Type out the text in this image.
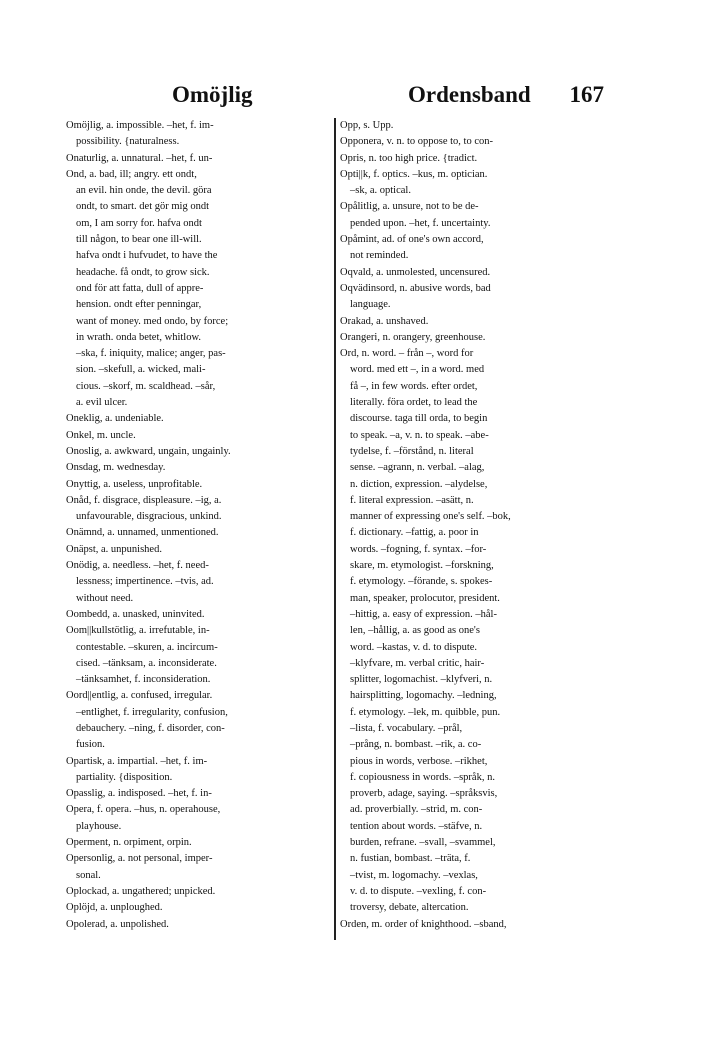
Omöjlig	Ordensband 167
Omöjlig, a. impossible. –het, f. im-
possibility. {naturalness.
Onaturlig, a. unnatural. –het, f. un-
Ond, a. bad, ill; angry. ett ondt,
an evil. hin onde, the devil. göra
ondt, to smart. det gör mig ondt
om, I am sorry for. hafva ondt
till någon, to bear one ill-will.
hafva ondt i hufvudet, to have the
headache. få ondt, to grow sick.
ond för att fatta, dull of appre-
hension. ondt efter penningar,
want of money. med ondo, by force;
in wrath. onda betet, whitlow.
–ska, f. iniquity, malice; anger, pas-
sion. –skefull, a. wicked, mali-
cious. –skorf, m. scaldhead. –sår,
a. evil ulcer.
Oneklig, a. undeniable.
Onkel, m. uncle.
Onoslig, a. awkward, ungain, ungainly.
Onsdag, m. wednesday.
Onyttig, a. useless, unprofitable.
Onåd, f. disgrace, displeasure. –ig, a.
unfavourable, disgracious, unkind.
Onämnd, a. unnamed, unmentioned.
Onäpst, a. unpunished.
Onödig, a. needless. –het, f. need-
lessness; impertinence. –tvis, ad.
without need.
Oombedd, a. unasked, uninvited.
Oom||kullstötlig, a. irrefutable, in-
contestable. –skuren, a. incircum-
cised. –tänksam, a. inconsiderate.
–tänksamhet, f. inconsideration.
Oord||entlig, a. confused, irregular.
–entlighet, f. irregularity, confusion,
debauchery. –ning, f. disorder, con-
fusion.
Opartisk, a. impartial. –het, f. im-
partiality. {disposition.
Opasslig, a. indisposed. –het, f. in-
Opera, f. opera. –hus, n. operahouse,
playhouse.
Operment, n. orpiment, orpin.
Opersonlig, a. not personal, imper-
sonal.
Oplockad, a. ungathered; unpicked.
Oplöjd, a. unploughed.
Opolerad, a. unpolished.
Opp, s. Upp.
Opponera, v. n. to oppose to, to con-
Opris, n. too high price. {tradict.
Opti||k, f. optics. –kus, m. optician.
–sk, a. optical.
Opålitlig, a. unsure, not to be de-
pended upon. –het, f. uncertainty.
Opåmint, ad. of one's own accord,
not reminded.
Oqvald, a. unmolested, uncensured.
Oqvädinsord, n. abusive words, bad
language.
Orakad, a. unshaved.
Orangeri, n. orangery, greenhouse.
Ord, n. word. – från –, word for
word. med ett –, in a word. med
få –, in few words. efter ordet,
literally. föra ordet, to lead the
discourse. taga till orda, to begin
to speak. –a, v. n. to speak. –abe-
tydelse, f. –förstånd, n. literal
sense. –agrann, n. verbal. –alag,
n. diction, expression. –alydelse,
f. literal expression. –asätt, n.
manner of expressing one's self. –bok,
f. dictionary. –fattig, a. poor in
words. –fogning, f. syntax. –for-
skare, m. etymologist. –forskning,
f. etymology. –förande, s. spokes-
man, speaker, prolocutor, president.
–hittig, a. easy of expression. –hål-
len, –hållig, a. as good as one's
word. –kastas, v. d. to dispute.
–klyfvare, m. verbal critic, hair-
splitter, logomachist. –klyfveri, n.
hairsplitting, logomachy. –ledning,
f. etymology. –lek, m. quibble, pun.
–lista, f. vocabulary. –prål,
–prång, n. bombast. –rik, a. co-
pious in words, verbose. –rikhet,
f. copiousness in words. –språk, n.
proverb, adage, saying. –språksvis,
ad. proverbially. –strid, m. con-
tention about words. –stäfve, n.
burden, refrane. –svall, –svammel,
n. fustian, bombast. –träta, f.
–tvist, m. logomachy. –vexlas,
v. d. to dispute. –vexling, f. con-
troversy, debate, altercation.
Orden, m. order of knighthood. –sband,
